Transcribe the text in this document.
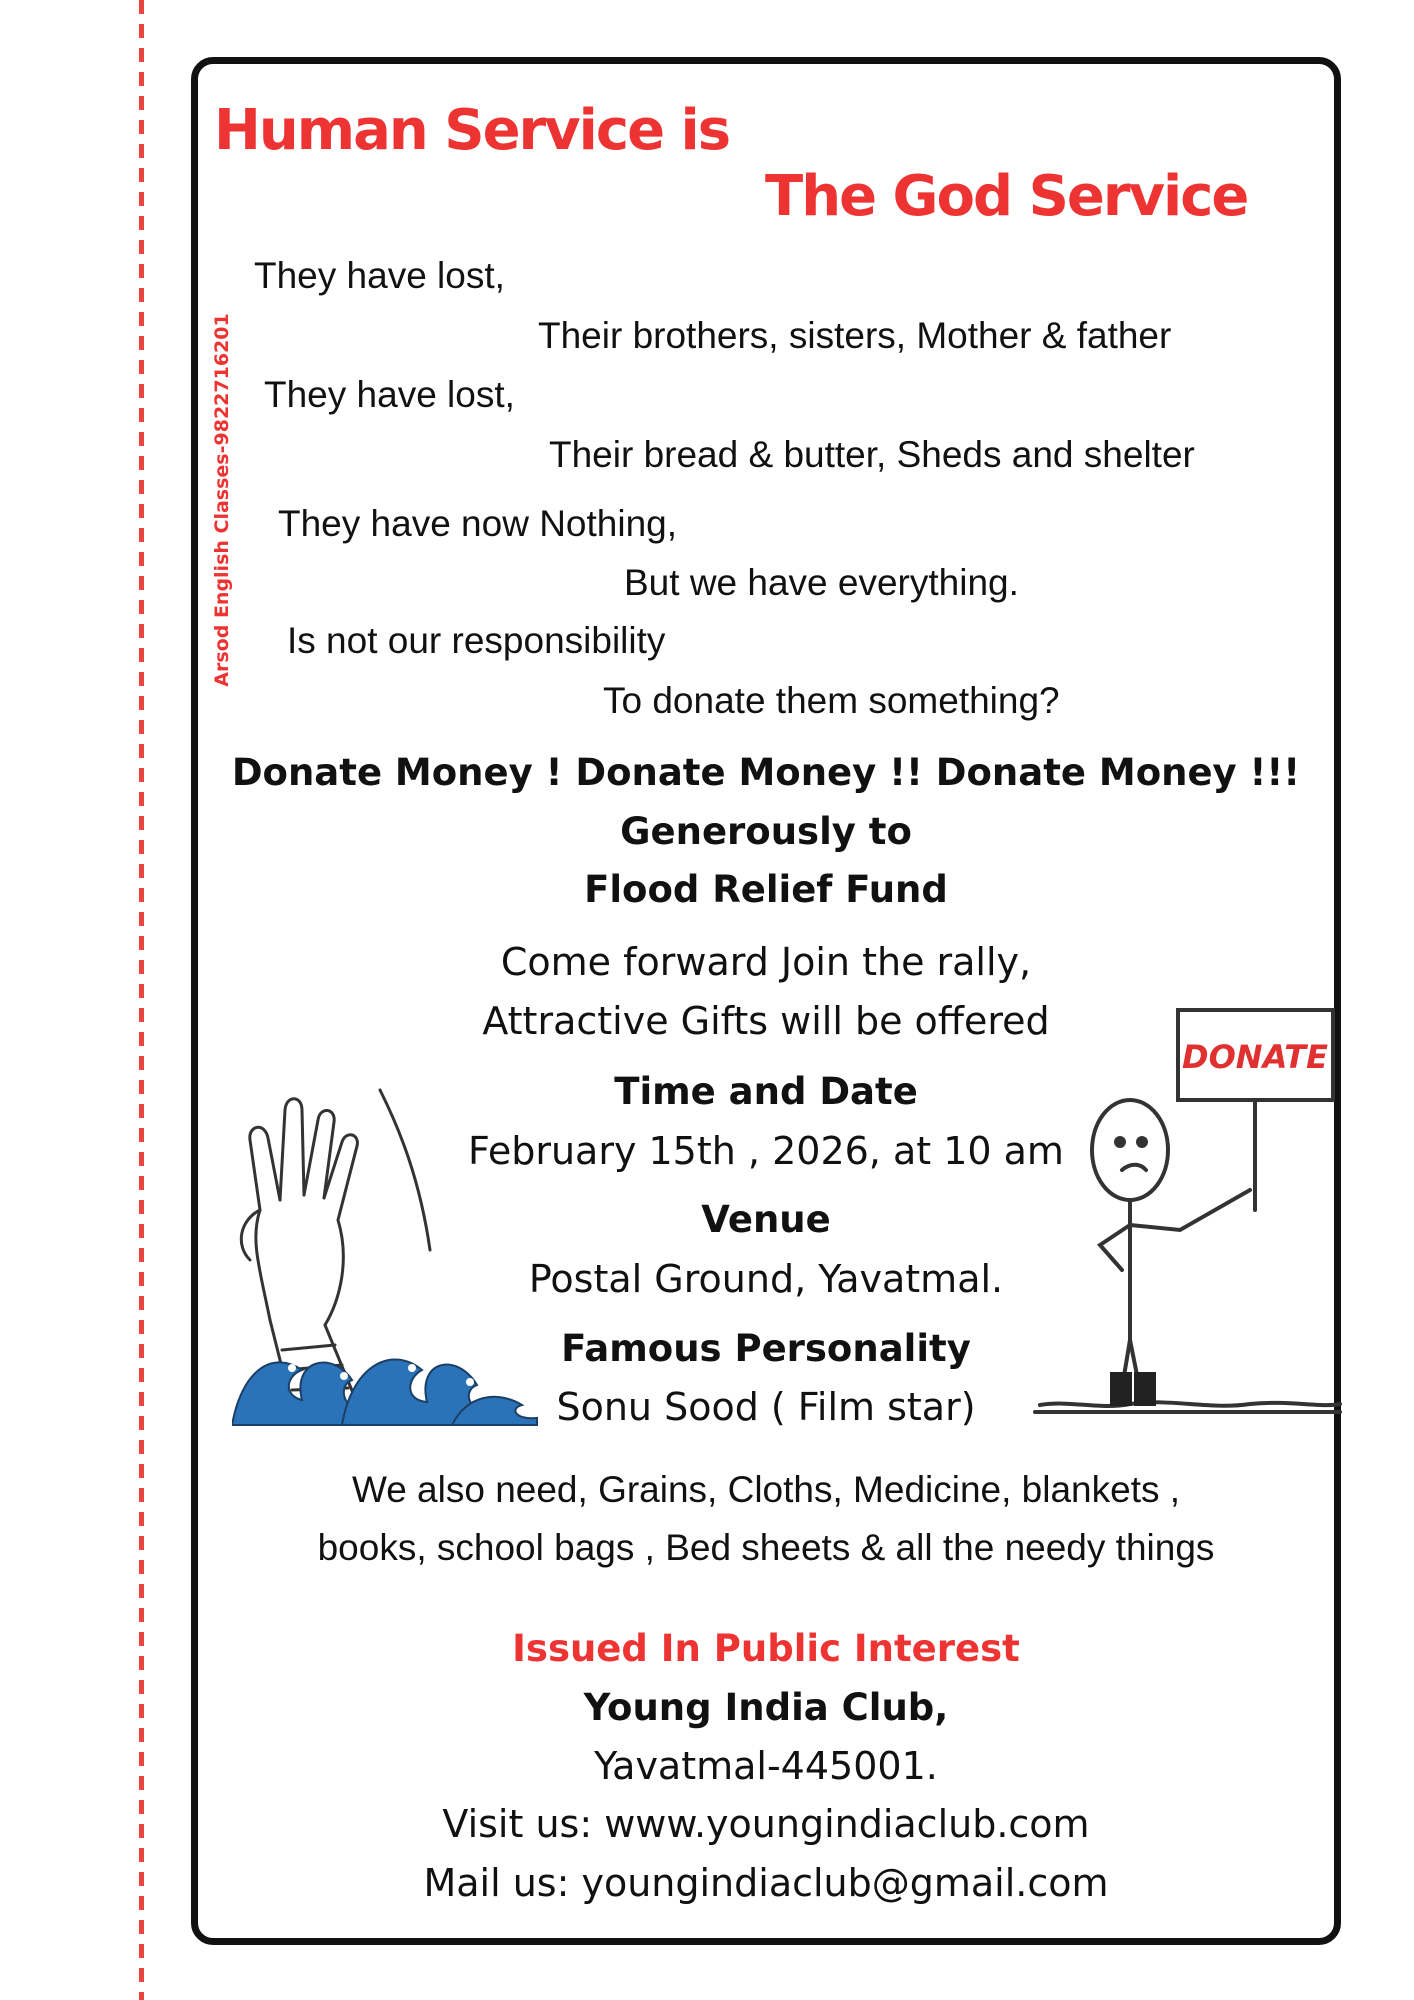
Human Service is
The God Service
Arsod English Classes-9822716201
They have lost,
Their brothers, sisters, Mother & father
They have lost,
Their bread & butter, Sheds and shelter
They have now Nothing,
But we have everything.
Is not our responsibility
To donate them something?
Donate Money ! Donate Money !! Donate Money !!!
Generously to
Flood Relief Fund
Come forward Join the rally,
Attractive Gifts will be offered
Time and Date
February 15th , 2026, at 10 am
Venue
Postal Ground, Yavatmal.
Famous Personality
Sonu Sood ( Film star)
We also need, Grains, Cloths, Medicine, blankets ,
books, school bags , Bed sheets & all the needy things
Issued In Public Interest
Young India Club,
Yavatmal-445001.
Visit us: www.youngindiaclub.com
Mail us: youngindiaclub@gmail.com
DONATE
